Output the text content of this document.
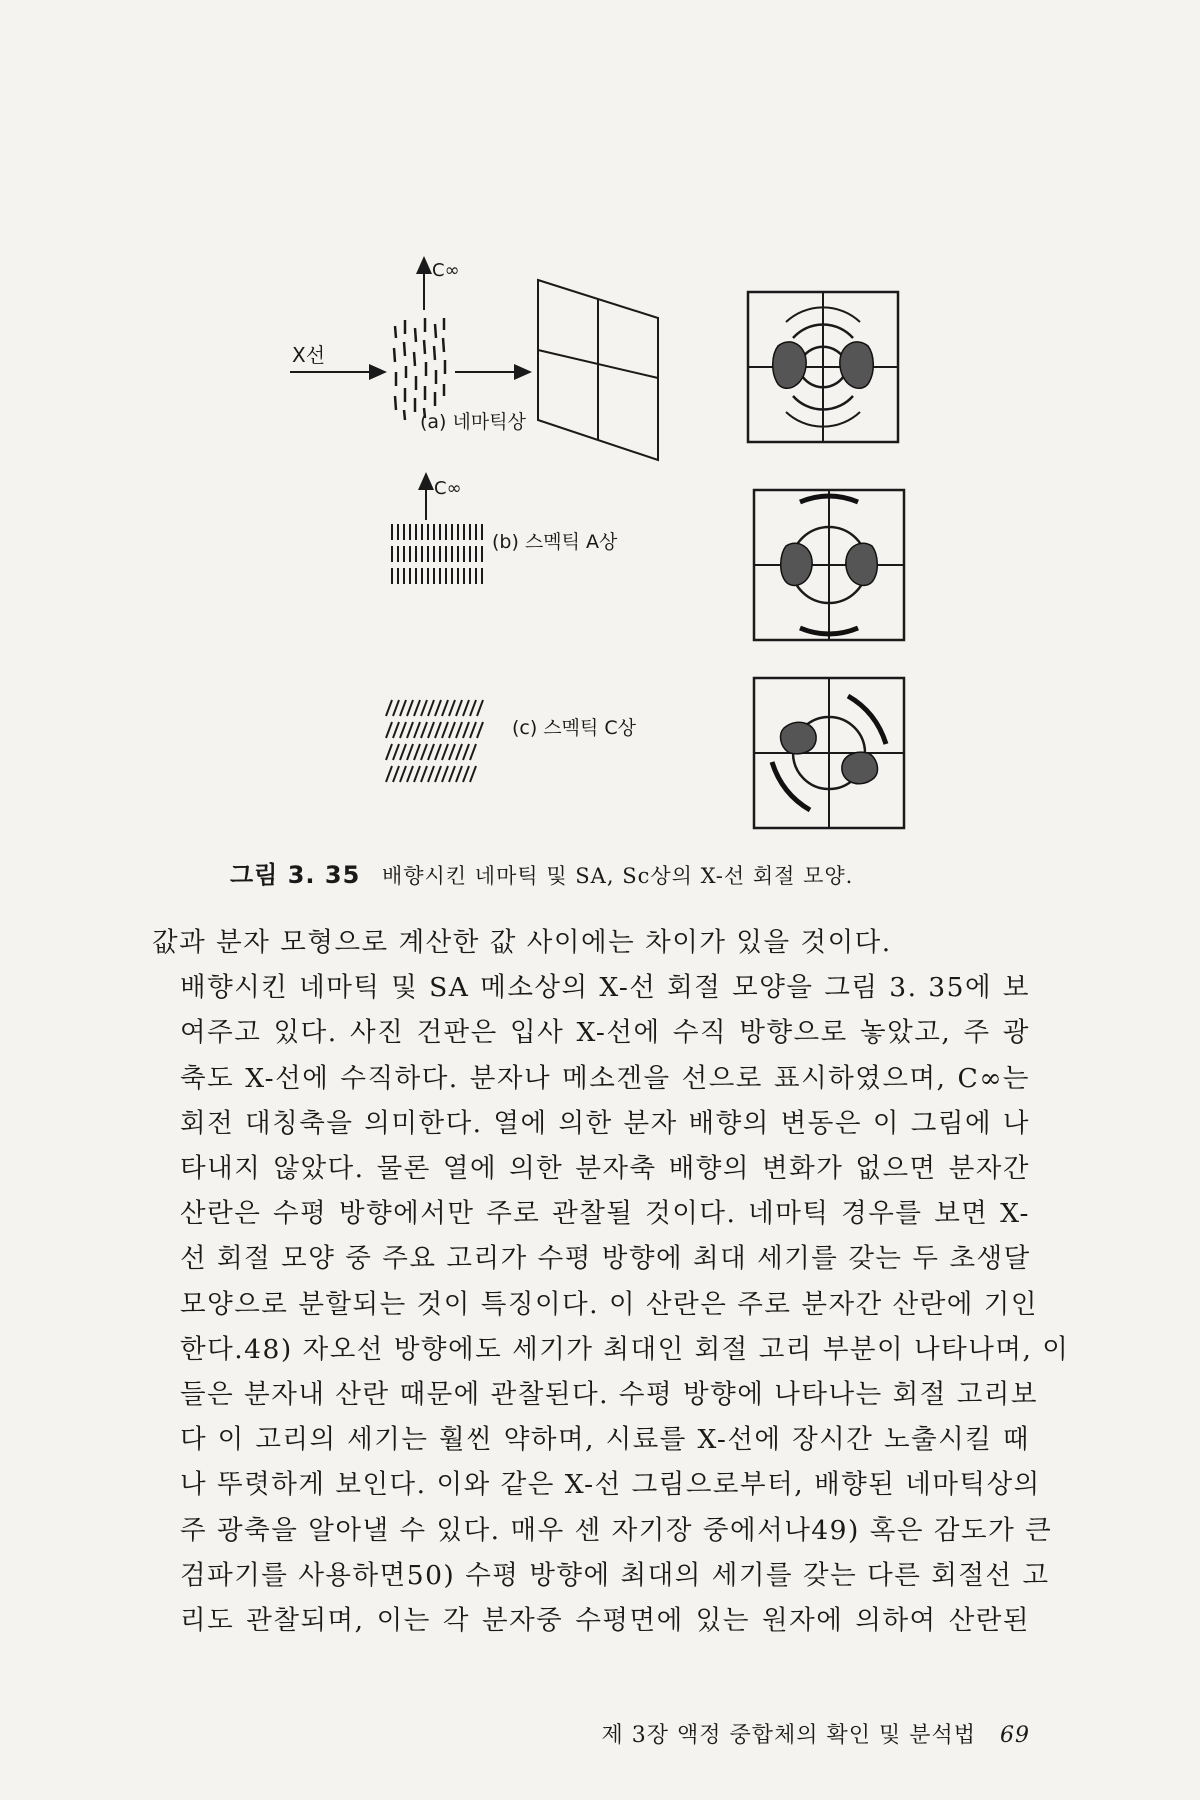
C∞
X선
(a) 네마틱상
C∞
(b) 스멕틱 A상
(c) 스멕틱 C상
그림 3. 35 배향시킨 네마틱 및 SA, Sc상의 X-선 회절 모양.

값과 분자 모형으로 계산한 값 사이에는 차이가 있을 것이다.

배향시킨 네마틱 및 SA 메소상의 X-선 회절 모양을 그림 3. 35에 보
여주고 있다. 사진 건판은 입사 X-선에 수직 방향으로 놓았고, 주 광
축도 X-선에 수직하다. 분자나 메소겐을 선으로 표시하였으며, C∞는
회전 대칭축을 의미한다. 열에 의한 분자 배향의 변동은 이 그림에 나
타내지 않았다. 물론 열에 의한 분자축 배향의 변화가 없으면 분자간
산란은 수평 방향에서만 주로 관찰될 것이다. 네마틱 경우를 보면 X-
선 회절 모양 중 주요 고리가 수평 방향에 최대 세기를 갖는 두 초생달
모양으로 분할되는 것이 특징이다. 이 산란은 주로 분자간 산란에 기인
한다.48) 자오선 방향에도 세기가 최대인 회절 고리 부분이 나타나며, 이
들은 분자내 산란 때문에 관찰된다. 수평 방향에 나타나는 회절 고리보
다 이 고리의 세기는 훨씬 약하며, 시료를 X-선에 장시간 노출시킬 때
나 뚜렷하게 보인다. 이와 같은 X-선 그림으로부터, 배향된 네마틱상의
주 광축을 알아낼 수 있다. 매우 센 자기장 중에서나49) 혹은 감도가 큰
검파기를 사용하면50) 수평 방향에 최대의 세기를 갖는 다른 회절선 고
리도 관찰되며, 이는 각 분자중 수평면에 있는 원자에 의하여 산란된

제 3장 액정 중합체의 확인 및 분석법 69
